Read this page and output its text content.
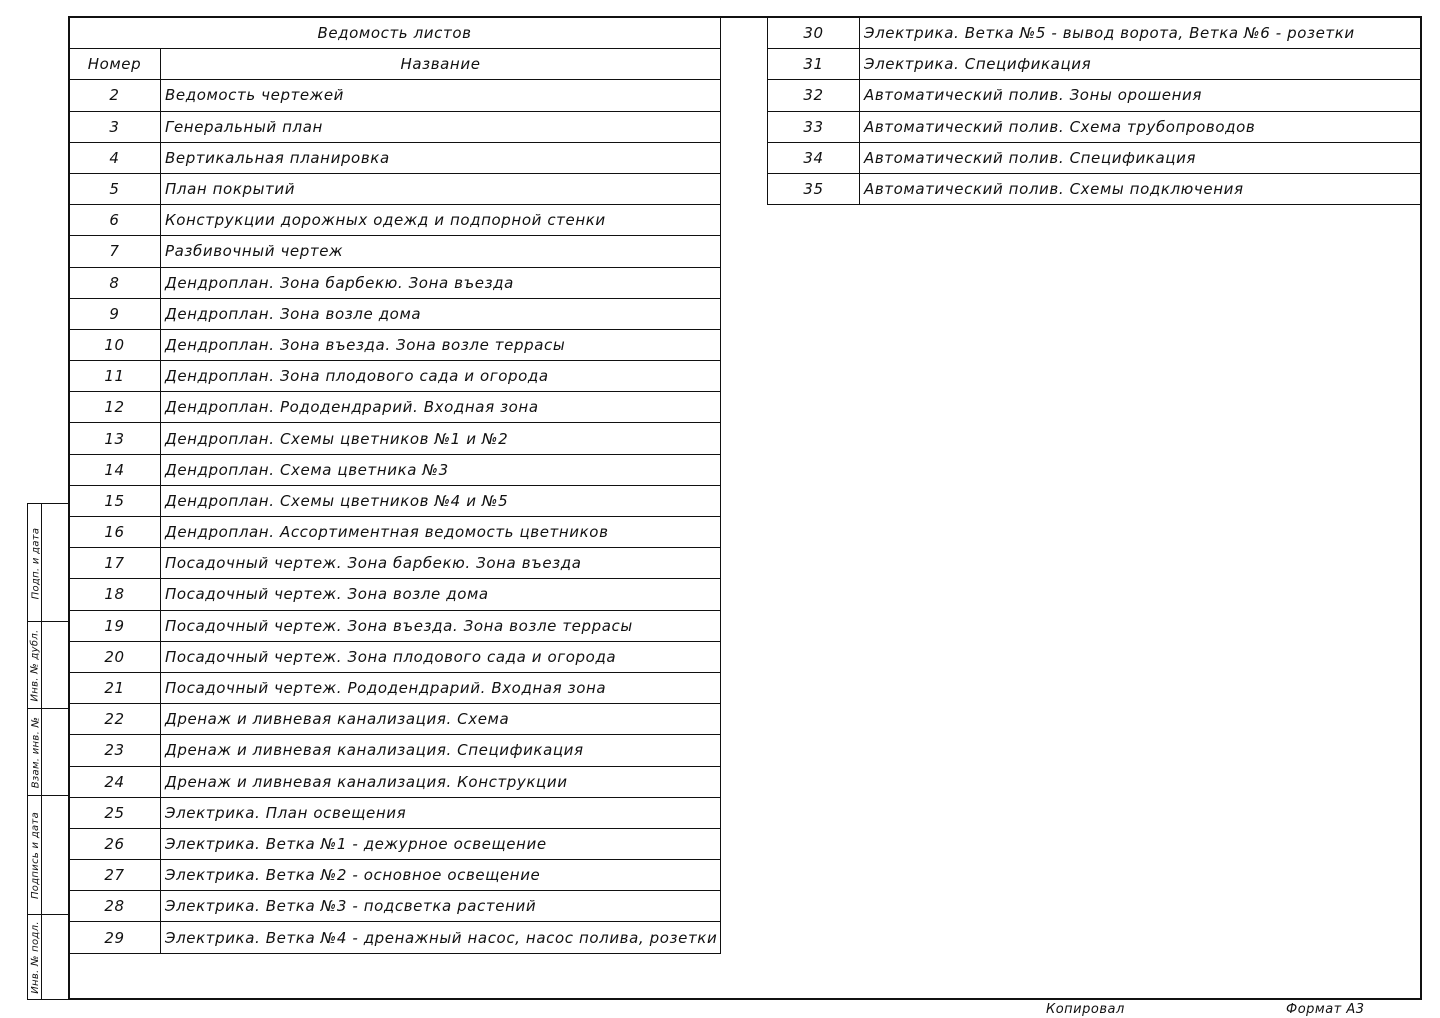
Ведомость листов	
Номер	Название
2	Ведомость чертежей
3	Генеральный план
4	Вертикальная планировка
5	План покрытий
6	Конструкции дорожных одежд и подпорной стенки
7	Разбивочный чертеж
8	Дендроплан. Зона барбекю. Зона въезда
9	Дендроплан. Зона возле дома
10	Дендроплан. Зона въезда. Зона возле террасы
11	Дендроплан. Зона плодового сада и огорода
12	Дендроплан. Рододендрарий. Входная зона
13	Дендроплан. Схемы цветников №1 и №2
14	Дендроплан. Схема цветника №3
15	Дендроплан. Схемы цветников №4 и №5
16	Дендроплан. Ассортиментная ведомость цветников
17	Посадочный чертеж. Зона барбекю. Зона въезда
18	Посадочный чертеж. Зона возле дома
19	Посадочный чертеж. Зона въезда. Зона возле террасы
20	Посадочный чертеж. Зона плодового сада и огорода
21	Посадочный чертеж. Рододендрарий. Входная зона
22	Дренаж и ливневая канализация. Схема
23	Дренаж и ливневая канализация. Спецификация
24	Дренаж и ливневая канализация. Конструкции
25	Электрика. План освещения
26	Электрика. Ветка №1 - дежурное освещение
27	Электрика. Ветка №2 - основное освещение
28	Электрика. Ветка №3 - подсветка растений
29	Электрика. Ветка №4 - дренажный насос, насос полива, розетки
30	Электрика. Ветка №5 - вывод ворота, Ветка №6 - розетки
31	Электрика. Спецификация
32	Автоматический полив. Зоны орошения
33	Автоматический полив. Схема трубопроводов
34	Автоматический полив. Спецификация
35	Автоматический полив. Схемы подключения
Подп. и дата
Инв. № дубл.
Взам. инв. №
Подпись и дата
Инв. № подл.
Копировал	Формат А3
